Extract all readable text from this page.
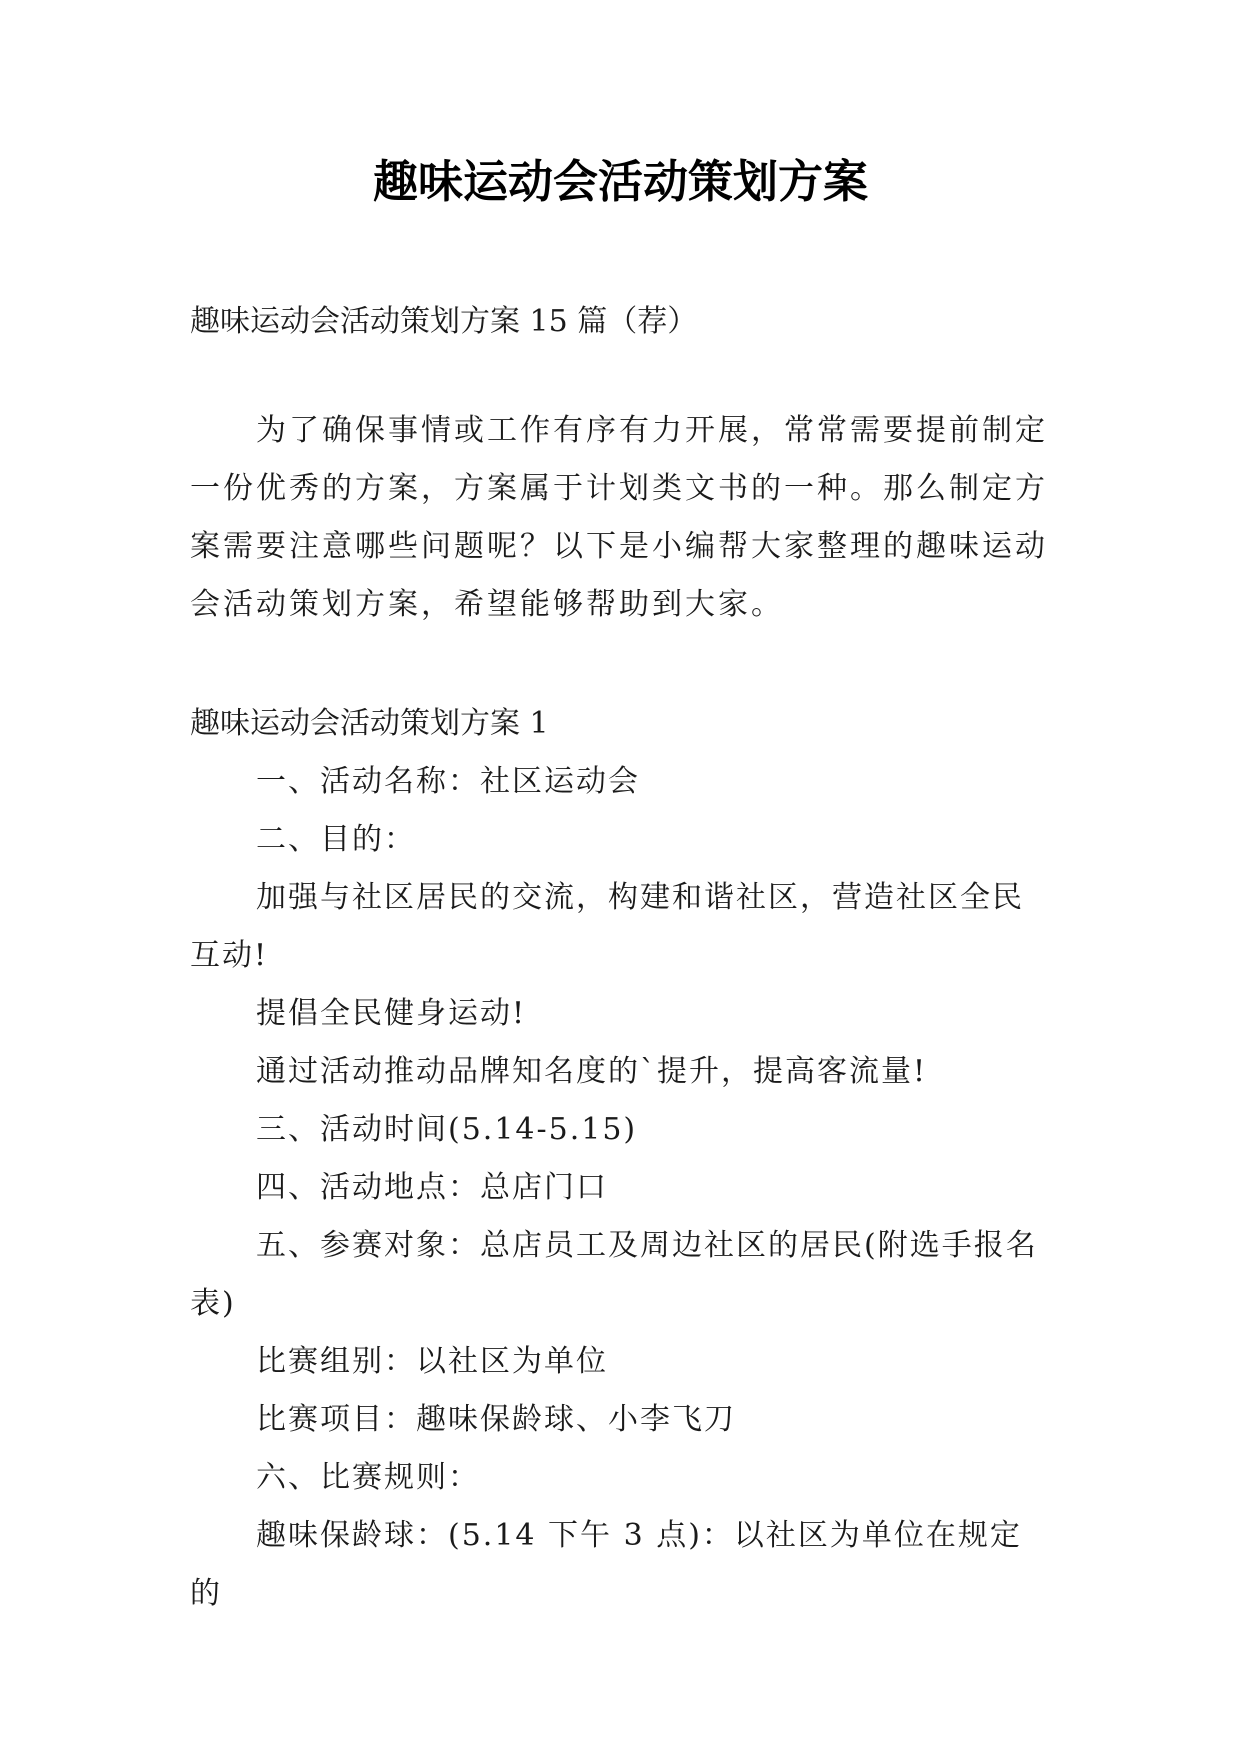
趣味运动会活动策划方案

趣味运动会活动策划方案 15 篇（荐）

为了确保事情或工作有序有力开展，常常需要提前制定一份优秀的方案，方案属于计划类文书的一种。那么制定方案需要注意哪些问题呢？以下是小编帮大家整理的趣味运动会活动策划方案，希望能够帮助到大家。

趣味运动会活动策划方案 1

一、活动名称：社区运动会

二、目的：

加强与社区居民的交流，构建和谐社区，营造社区全民互动!

提倡全民健身运动!

通过活动推动品牌知名度的`提升，提高客流量!

三、活动时间(5.14-5.15)

四、活动地点：总店门口

五、参赛对象：总店员工及周边社区的居民(附选手报名表)

比赛组别：以社区为单位

比赛项目：趣味保龄球、小李飞刀

六、比赛规则：

趣味保龄球：(5.14 下午 3 点)：以社区为单位在规定的
